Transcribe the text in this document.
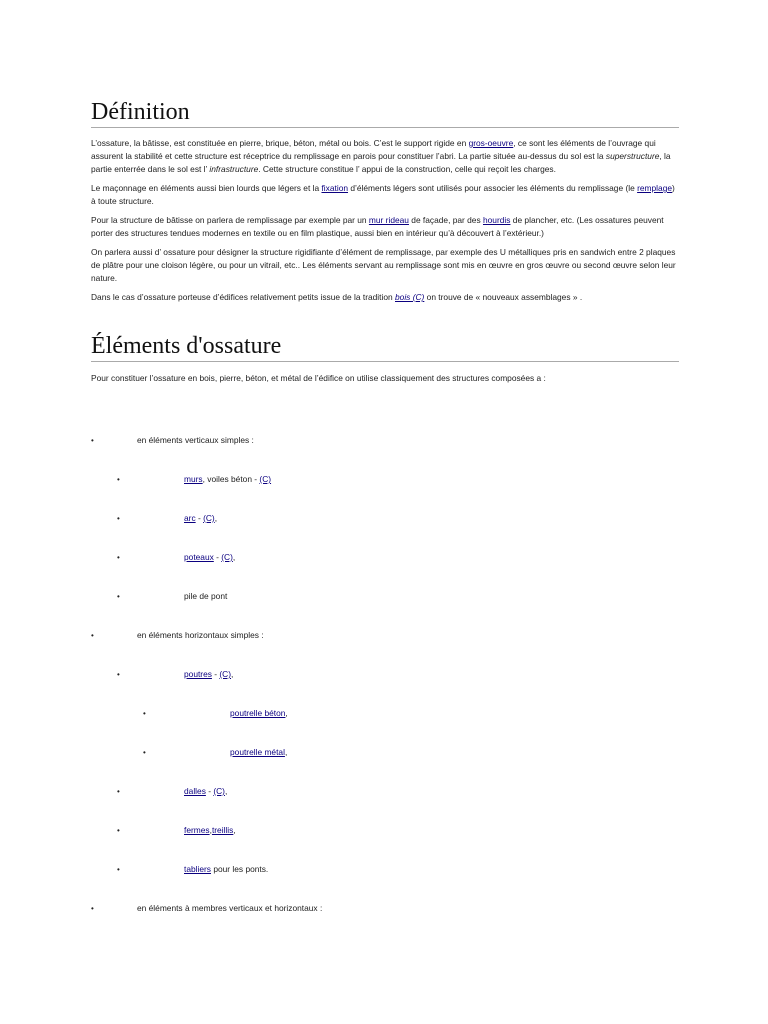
Définition

L’ossature, la bâtisse, est constituée en pierre, brique, béton, métal ou bois. C’est le support rigide en gros-oeuvre, ce sont les éléments de l’ouvrage qui assurent la stabilité et cette structure est réceptrice du remplissage en parois pour constituer l’abri. La partie située au-dessus du sol est la superstructure, la partie enterrée dans le sol est l’ infrastructure. Cette structure constitue l’ appui de la construction, celle qui reçoit les charges.

Le maçonnage en éléments aussi bien lourds que légers et la fixation d’éléments légers sont utilisés pour associer les éléments du remplissage (le remplage) à toute structure.

Pour la structure de bâtisse on parlera de remplissage par exemple par un mur rideau de façade, par des hourdis de plancher, etc. (Les ossatures peuvent porter des structures tendues modernes en textile ou en film plastique, aussi bien en intérieur qu’à découvert à l’extérieur.)

On parlera aussi d’ ossature pour désigner la structure rigidifiante d’élément de remplissage, par exemple des U métalliques pris en sandwich entre 2 plaques de plâtre pour une cloison légère, ou pour un vitrail, etc.. Les éléments servant au remplissage sont mis en œuvre en gros œuvre ou second œuvre selon leur nature.

Dans le cas d’ossature porteuse d’édifices relativement petits issue de la tradition bois (C) on trouve de « nouveaux assemblages » .

Éléments d'ossature

Pour constituer l’ossature en bois, pierre, béton, et métal de l’édifice on utilise classiquement des structures composées a :

•	en éléments verticaux simples :
•	murs, voiles béton - (C)
•	arc - (C),
•	poteaux - (C),
•	pile de pont
•	en éléments horizontaux simples :
•	poutres - (C),
•	poutrelle béton,
•	poutrelle métal,
•	dalles - (C),
•	fermes,treillis,
•	tabliers pour les ponts.
•	en éléments à membres verticaux et horizontaux :
